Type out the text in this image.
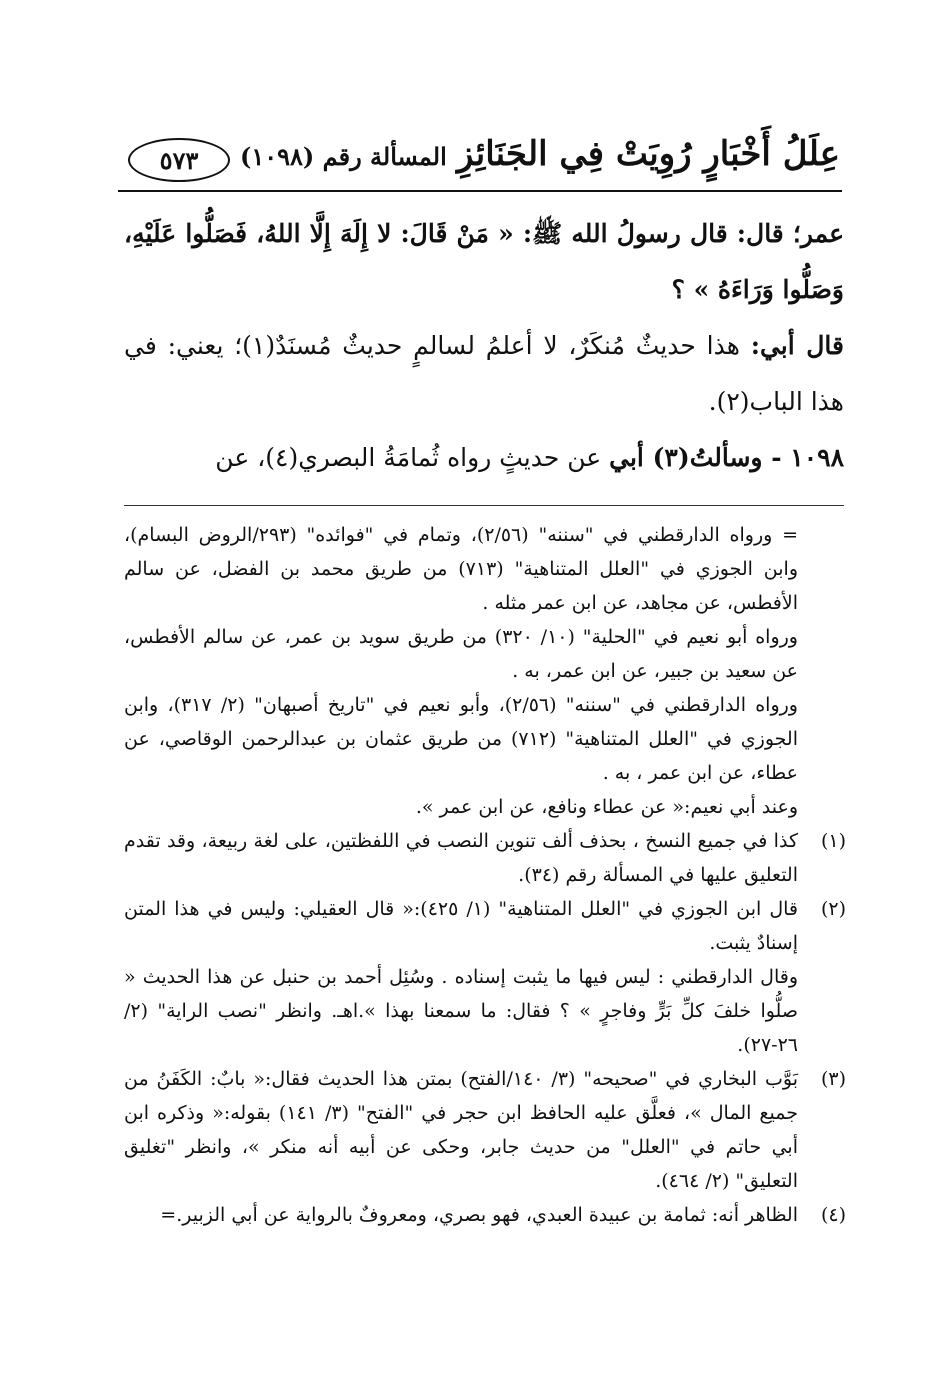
عِلَلُ أَخْبَارٍ رُوِيَتْ فِي الجَنَائِزِ
المسألة رقم (١٠٩٨)
٥٧٣

عمر؛ قال: قال رسولُ الله ﷺ: « مَنْ قَالَ: لا إِلَهَ إِلَّا اللهُ، فَصَلُّوا عَلَيْهِ، وَصَلُّوا وَرَاءَهُ » ؟

قال أبي: هذا حديثٌ مُنكَرٌ، لا أعلمُ لسالمٍ حديثٌ مُسنَدٌ(١)؛ يعني: في هذا الباب(٢).

١٠٩٨ - وسألتُ(٣) أبي عن حديثٍ رواه ثُمامَةُ البصري(٤)، عن

= ورواه الدارقطني في "سننه" (٢/٥٦)، وتمام في "فوائده" (٢٩٣/الروض البسام)، وابن الجوزي في "العلل المتناهية" (٧١٣) من طريق محمد بن الفضل، عن سالم الأفطس، عن مجاهد، عن ابن عمر مثله .

ورواه أبو نعيم في "الحلية" (١٠/ ٣٢٠) من طريق سويد بن عمر، عن سالم الأفطس، عن سعيد بن جبير، عن ابن عمر، به .

ورواه الدارقطني في "سننه" (٢/٥٦)، وأبو نعيم في "تاريخ أصبهان" (٢/ ٣١٧)، وابن الجوزي في "العلل المتناهية" (٧١٢) من طريق عثمان بن عبدالرحمن الوقاصي، عن عطاء، عن ابن عمر ، به .

وعند أبي نعيم:« عن عطاء ونافع، عن ابن عمر ».

(١)

كذا في جميع النسخ ، بحذف ألف تنوين النصب في اللفظتين، على لغة ربيعة، وقد تقدم التعليق عليها في المسألة رقم (٣٤).

(٢)

قال ابن الجوزي في "العلل المتناهية" (١/ ٤٢٥):« قال العقيلي: وليس في هذا المتن إسنادٌ يثبت.

وقال الدارقطني : ليس فيها ما يثبت إسناده . وسُئِل أحمد بن حنبل عن هذا الحديث « صلُّوا خلفَ كلِّ بَرٍّ وفاجرٍ » ؟ فقال: ما سمعنا بهذا ».اهـ. وانظر "نصب الراية" (٢/ ٢٦-٢٧).

(٣)

بَوَّب البخاري في "صحيحه" (٣/ ١٤٠/الفتح) بمتن هذا الحديث فقال:« بابٌ: الكَفَنُ من جميع المال »، فعلَّق عليه الحافظ ابن حجر في "الفتح" (٣/ ١٤١) بقوله:« وذكره ابن أبي حاتم في "العلل" من حديث جابر، وحكى عن أبيه أنه منكر »، وانظر "تغليق التعليق" (٢/ ٤٦٤).

(٤)

الظاهر أنه: ثمامة بن عبيدة العبدي، فهو بصري، ومعروفٌ بالرواية عن أبي الزبير.=
